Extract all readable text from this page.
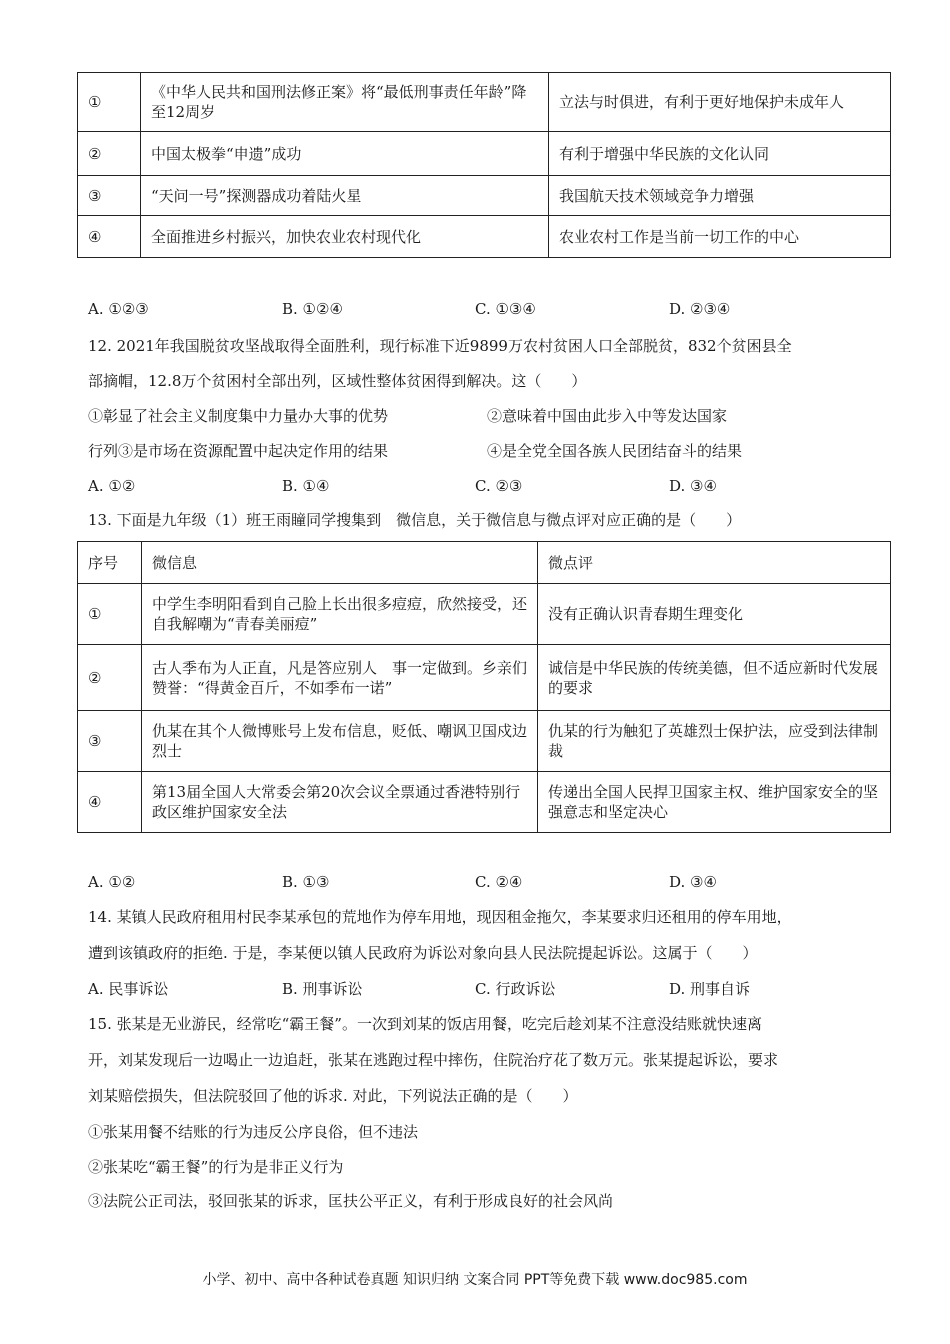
①	《中华人民共和国刑法修正案》将“最低刑事责任年龄”降至12周岁	立法与时俱进，有利于更好地保护未成年人
②	中国太极拳“申遗”成功	有利于增强中华民族的文化认同
③	“天问一号”探测器成功着陆火星	我国航天技术领域竞争力增强
④	全面推进乡村振兴，加快农业农村现代化	农业农村工作是当前一切工作的中心
A. ①②③	B. ①②④	C. ①③④	D. ②③④
12. 2021年我国脱贫攻坚战取得全面胜利，现行标准下近9899万农村贫困人口全部脱贫，832个贫困县全
部摘帽，12.8万个贫困村全部出列，区域性整体贫困得到解决。这（　　）
①彰显了社会主义制度集中力量办大事的优势	②意味着中国由此步入中等发达国家
行列③是市场在资源配置中起决定作用的结果	④是全党全国各族人民团结奋斗的结果
A. ①②	B. ①④	C. ②③	D. ③④
13. 下面是九年级（1）班王雨瞳同学搜集到　微信息，关于微信息与微点评对应正确的是（　　）
序号	微信息	微点评
①	中学生李明阳看到自己脸上长出很多痘痘，欣然接受，还自我解嘲为“青春美丽痘”	没有正确认识青春期生理变化
②	古人季布为人正直，凡是答应别人　事一定做到。乡亲们赞誉：“得黄金百斤，不如季布一诺”	诚信是中华民族的传统美德，但不适应新时代发展的要求
③	仇某在其个人微博账号上发布信息，贬低、嘲讽卫国戍边烈士	仇某的行为触犯了英雄烈士保护法，应受到法律制裁
④	第13届全国人大常委会第20次会议全票通过香港特别行政区维护国家安全法	传递出全国人民捍卫国家主权、维护国家安全的坚强意志和坚定决心
A. ①②	B. ①③	C. ②④	D. ③④
14. 某镇人民政府租用村民李某承包的荒地作为停车用地，现因租金拖欠，李某要求归还租用的停车用地，
遭到该镇政府的拒绝. 于是，李某便以镇人民政府为诉讼对象向县人民法院提起诉讼。这属于（　　）
A. 民事诉讼	B. 刑事诉讼	C. 行政诉讼	D. 刑事自诉
15. 张某是无业游民，经常吃“霸王餐”。一次到刘某的饭店用餐，吃完后趁刘某不注意没结账就快速离
开，刘某发现后一边喝止一边追赶，张某在逃跑过程中摔伤，住院治疗花了数万元。张某提起诉讼，要求
刘某赔偿损失，但法院驳回了他的诉求. 对此，下列说法正确的是（　　）
①张某用餐不结账的行为违反公序良俗，但不违法
②张某吃“霸王餐”的行为是非正义行为
③法院公正司法，驳回张某的诉求，匡扶公平正义，有利于形成良好的社会风尚
小学、初中、高中各种试卷真题 知识归纳 文案合同 PPT等免费下载 www.doc985.com
